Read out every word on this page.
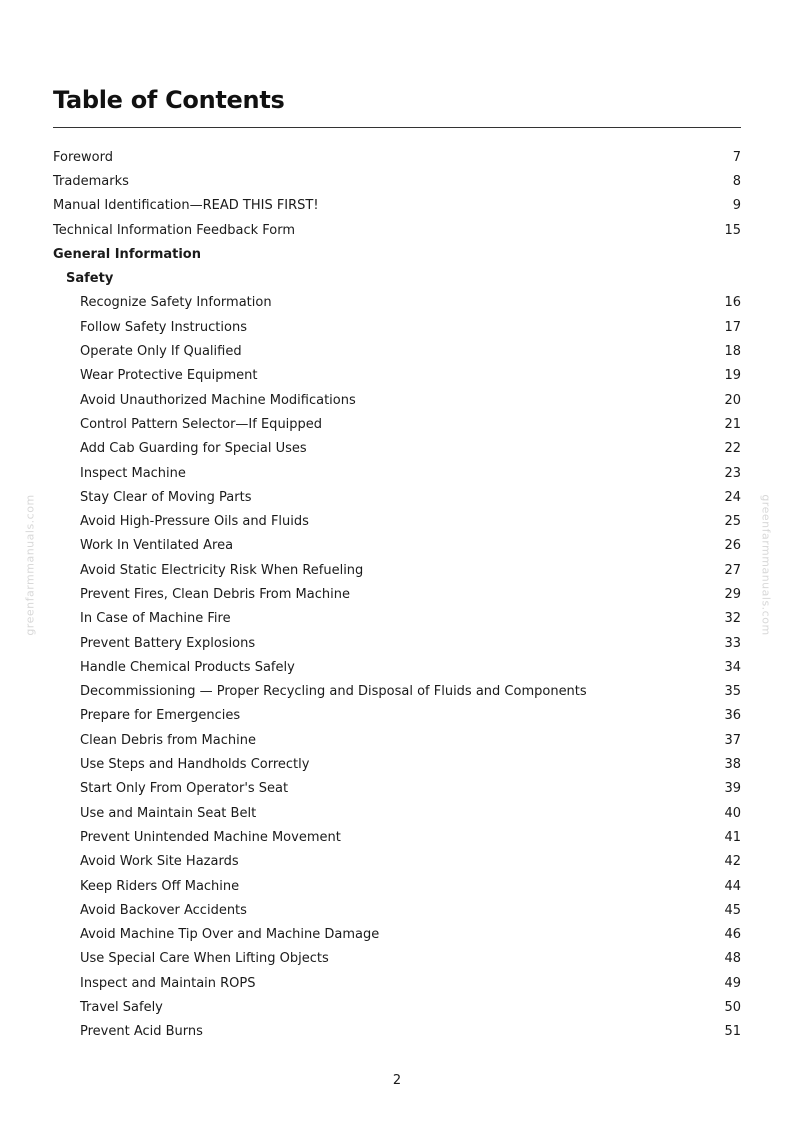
greenfarmmanuals.com	greenfarmmanuals.com
Table of Contents
Foreword	7
Trademarks	8
Manual Identification—READ THIS FIRST!	9
Technical Information Feedback Form	15
General Information
Safety
Recognize Safety Information	16
Follow Safety Instructions	17
Operate Only If Qualified	18
Wear Protective Equipment	19
Avoid Unauthorized Machine Modifications	20
Control Pattern Selector—If Equipped	21
Add Cab Guarding for Special Uses	22
Inspect Machine	23
Stay Clear of Moving Parts	24
Avoid High-Pressure Oils and Fluids	25
Work In Ventilated Area	26
Avoid Static Electricity Risk When Refueling	27
Prevent Fires, Clean Debris From Machine	29
In Case of Machine Fire	32
Prevent Battery Explosions	33
Handle Chemical Products Safely	34
Decommissioning — Proper Recycling and Disposal of Fluids and Components	35
Prepare for Emergencies	36
Clean Debris from Machine	37
Use Steps and Handholds Correctly	38
Start Only From Operator's Seat	39
Use and Maintain Seat Belt	40
Prevent Unintended Machine Movement	41
Avoid Work Site Hazards	42
Keep Riders Off Machine	44
Avoid Backover Accidents	45
Avoid Machine Tip Over and Machine Damage	46
Use Special Care When Lifting Objects	48
Inspect and Maintain ROPS	49
Travel Safely	50
Prevent Acid Burns	51
2
